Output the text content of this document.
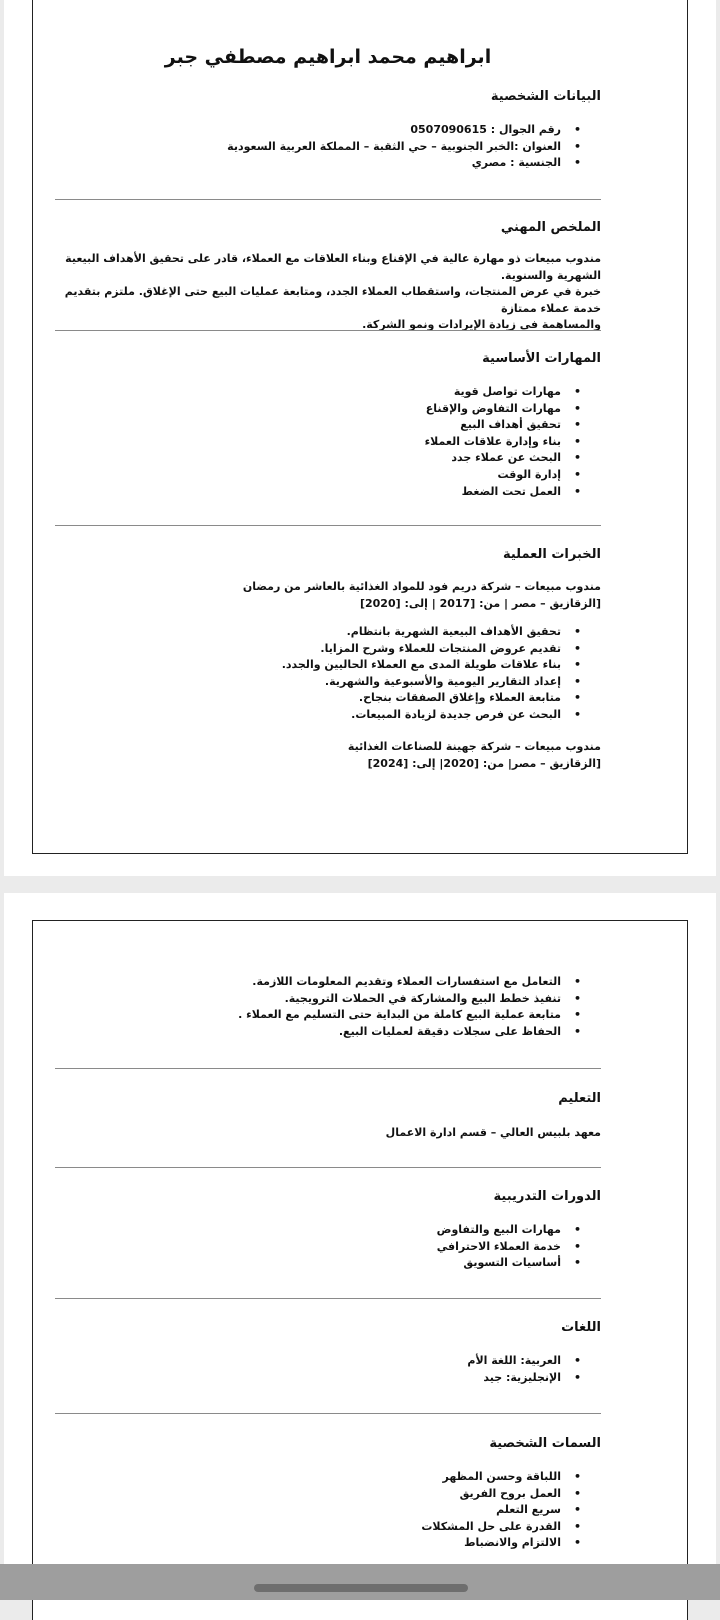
ابراهيم محمد ابراهيم مصطفي جبر
البيانات الشخصية
• رقم الجوال : 0507090615
• العنوان :الخبر الجنوبية – حي الثقبة – المملكة العربية السعودية
• الجنسية : مصري
الملخص المهني

مندوب مبيعات ذو مهارة عالية في الإقناع وبناء العلاقات مع العملاء، قادر على تحقيق الأهداف البيعية الشهرية والسنوية.

خبرة في عرض المنتجات، واستقطاب العملاء الجدد، ومتابعة عمليات البيع حتى الإغلاق. ملتزم بتقديم خدمة عملاء ممتازة

والمساهمة في زيادة الإيرادات ونمو الشركة.

المهارات الأساسية
• مهارات تواصل قوية
• مهارات التفاوض والإقناع
• تحقيق أهداف البيع
• بناء وإدارة علاقات العملاء
• البحث عن عملاء جدد
• إدارة الوقت
• العمل تحت الضغط
الخبرات العملية

مندوب مبيعات – شركة دريم فود للمواد الغذائية بالعاشر من رمضان

[الزقازيق – مصر | من: [2017 | إلى: [2020]

• تحقيق الأهداف البيعية الشهرية بانتظام.
• تقديم عروض المنتجات للعملاء وشرح المزايا.
• بناء علاقات طويلة المدى مع العملاء الحاليين والجدد.
• إعداد التقارير اليومية والأسبوعية والشهرية.
• متابعة العملاء وإغلاق الصفقات بنجاح.
• البحث عن فرص جديدة لزيادة المبيعات.

مندوب مبيعات – شركة جهينة للصناعات الغذائية

[الزقازيق – مصر| من: [2020| إلى: [2024]

• التعامل مع استفسارات العملاء وتقديم المعلومات اللازمة.
• تنفيذ خطط البيع والمشاركة في الحملات الترويجية.
• متابعة عملية البيع كاملة من البداية حتى التسليم مع العملاء .
• الحفاظ على سجلات دقيقة لعمليات البيع.
التعليم

معهد بلبيس العالي – قسم ادارة الاعمال

الدورات التدريبية
• مهارات البيع والتفاوض
• خدمة العملاء الاحترافي
• أساسيات التسويق
اللغات
• العربية: اللغة الأم
• الإنجليزية: جيد
السمات الشخصية
• اللباقة وحسن المظهر
• العمل بروح الفريق
• سريع التعلم
• القدرة على حل المشكلات
• الالتزام والانضباط
